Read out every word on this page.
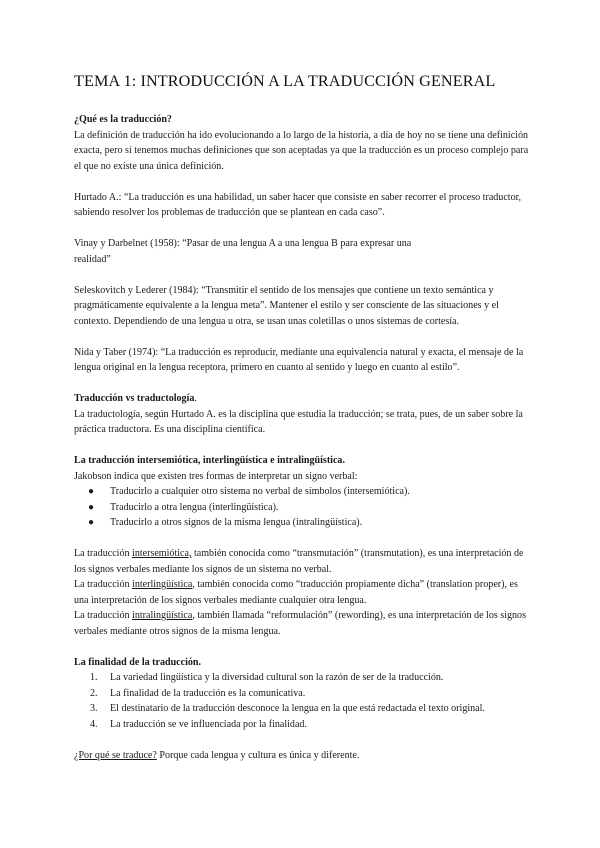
TEMA 1: INTRODUCCIÓN A LA TRADUCCIÓN GENERAL

¿Qué es la traducción?

La definición de traducción ha ido evolucionando a lo largo de la historia, a día de hoy no se tiene una definición exacta, pero sí tenemos muchas definiciones que son aceptadas ya que la traducción es un proceso complejo para el que no existe una única definición.

Hurtado A.: “La traducción es una habilidad, un saber hacer que consiste en saber recorrer el proceso traductor, sabiendo resolver los problemas de traducción que se plantean en cada caso”.

Vinay y Darbelnet (1958): “Pasar de una lengua A a una lengua B para expresar una

realidad”

Seleskovitch y Lederer (1984): “Transmitir el sentido de los mensajes que contiene un texto semántica y pragmáticamente equivalente a la lengua meta”. Mantener el estilo y ser consciente de las situaciones y el contexto. Dependiendo de una lengua u otra, se usan unas coletillas o unos sistemas de cortesía.

Nida y Taber (1974): “La traducción es reproducir, mediante una equivalencia natural y exacta, el mensaje de la lengua original en la lengua receptora, primero en cuanto al sentido y luego en cuanto al estilo”.

Traducción vs traductología.

La traductología, según Hurtado A. es la disciplina que estudia la traducción; se trata, pues, de un saber sobre la práctica traductora. Es una disciplina científica.

La traducción intersemiótica, interlingüística e intralingüística.

Jakobson indica que existen tres formas de interpretar un signo verbal:

● Traducirlo a cualquier otro sistema no verbal de símbolos (intersemiótica).
● Traducirlo a otra lengua (interlingüística).
● Traducirlo a otros signos de la misma lengua (intralingüística).

La traducción intersemiótica, también conocida como “transmutación” (transmutation), es una interpretación de los signos verbales mediante los signos de un sistema no verbal.

La traducción interlingüística, también conocida como “traducción propiamente dicha” (translation proper), es una interpretación de los signos verbales mediante cualquier otra lengua.

La traducción intralingüística, también llamada “reformulación” (rewording), es una interpretación de los signos verbales mediante otros signos de la misma lengua.

La finalidad de la traducción.

1. La variedad lingüística y la diversidad cultural son la razón de ser de la traducción.
2. La finalidad de la traducción es la comunicativa.
3. El destinatario de la traducción desconoce la lengua en la que está redactada el texto original.
4. La traducción se ve influenciada por la finalidad.

¿Por qué se traduce? Porque cada lengua y cultura es única y diferente.
